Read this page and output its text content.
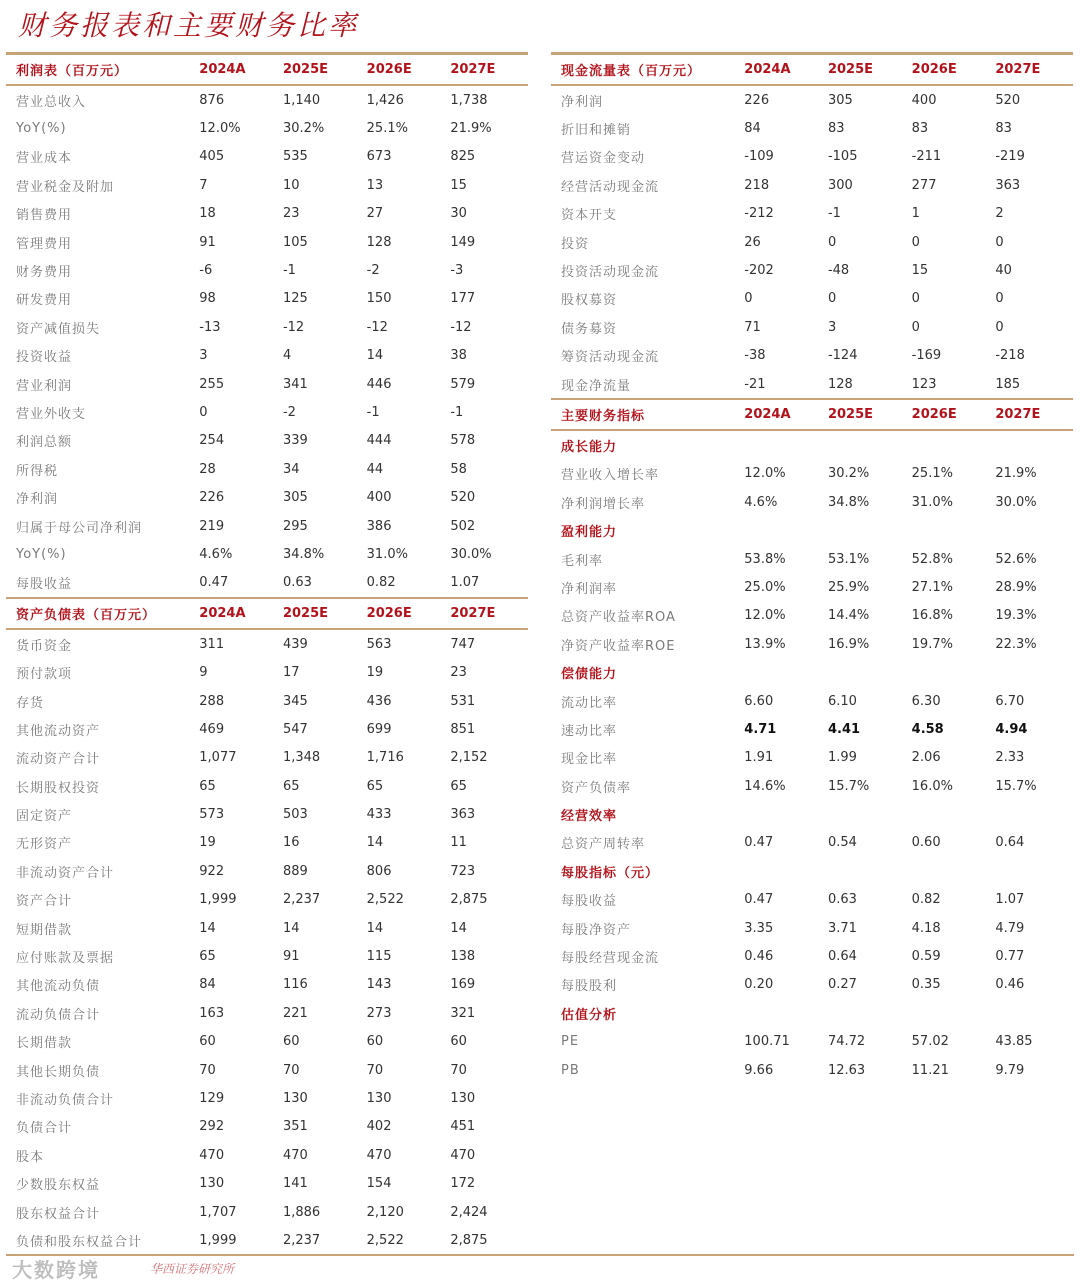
财务报表和主要财务比率
利润表（百万元）	2024A	2025E	2026E	2027E
营业总收入	876	1,140	1,426	1,738
YoY(%)	12.0%	30.2%	25.1%	21.9%
营业成本	405	535	673	825
营业税金及附加	7	10	13	15
销售费用	18	23	27	30
管理费用	91	105	128	149
财务费用	-6	-1	-2	-3
研发费用	98	125	150	177
资产减值损失	-13	-12	-12	-12
投资收益	3	4	14	38
营业利润	255	341	446	579
营业外收支	0	-2	-1	-1
利润总额	254	339	444	578
所得税	28	34	44	58
净利润	226	305	400	520
归属于母公司净利润	219	295	386	502
YoY(%)	4.6%	34.8%	31.0%	30.0%
每股收益	0.47	0.63	0.82	1.07
资产负债表（百万元）	2024A	2025E	2026E	2027E
货币资金	311	439	563	747
预付款项	9	17	19	23
存货	288	345	436	531
其他流动资产	469	547	699	851
流动资产合计	1,077	1,348	1,716	2,152
长期股权投资	65	65	65	65
固定资产	573	503	433	363
无形资产	19	16	14	11
非流动资产合计	922	889	806	723
资产合计	1,999	2,237	2,522	2,875
短期借款	14	14	14	14
应付账款及票据	65	91	115	138
其他流动负债	84	116	143	169
流动负债合计	163	221	273	321
长期借款	60	60	60	60
其他长期负债	70	70	70	70
非流动负债合计	129	130	130	130
负债合计	292	351	402	451
股本	470	470	470	470
少数股东权益	130	141	154	172
股东权益合计	1,707	1,886	2,120	2,424
负债和股东权益合计	1,999	2,237	2,522	2,875
现金流量表（百万元）	2024A	2025E	2026E	2027E
净利润	226	305	400	520
折旧和摊销	84	83	83	83
营运资金变动	-109	-105	-211	-219
经营活动现金流	218	300	277	363
资本开支	-212	-1	1	2
投资	26	0	0	0
投资活动现金流	-202	-48	15	40
股权募资	0	0	0	0
债务募资	71	3	0	0
筹资活动现金流	-38	-124	-169	-218
现金净流量	-21	128	123	185
主要财务指标	2024A	2025E	2026E	2027E
成长能力
营业收入增长率	12.0%	30.2%	25.1%	21.9%
净利润增长率	4.6%	34.8%	31.0%	30.0%
盈利能力
毛利率	53.8%	53.1%	52.8%	52.6%
净利润率	25.0%	25.9%	27.1%	28.9%
总资产收益率ROA	12.0%	14.4%	16.8%	19.3%
净资产收益率ROE	13.9%	16.9%	19.7%	22.3%
偿债能力
流动比率	6.60	6.10	6.30	6.70
速动比率	4.71	4.41	4.58	4.94
现金比率	1.91	1.99	2.06	2.33
资产负债率	14.6%	15.7%	16.0%	15.7%
经营效率
总资产周转率	0.47	0.54	0.60	0.64
每股指标（元）
每股收益	0.47	0.63	0.82	1.07
每股净资产	3.35	3.71	4.18	4.79
每股经营现金流	0.46	0.64	0.59	0.77
每股股利	0.20	0.27	0.35	0.46
估值分析
PE	100.71	74.72	57.02	43.85
PB	9.66	12.63	11.21	9.79
大数跨境	华西证券研究所
